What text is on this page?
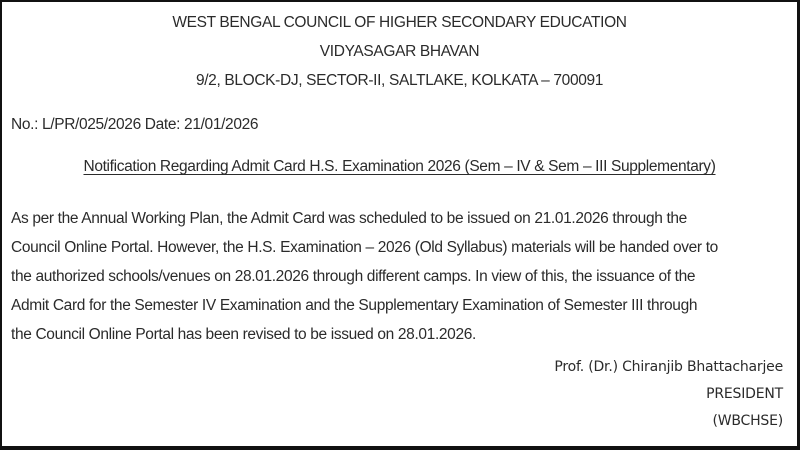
WEST BENGAL COUNCIL OF HIGHER SECONDARY EDUCATION
VIDYASAGAR BHAVAN
9/2, BLOCK-DJ, SECTOR-II, SALTLAKE, KOLKATA – 700091
No.: L/PR/025/2026 Date: 21/01/2026
Notification Regarding Admit Card H.S. Examination 2026 (Sem – IV & Sem – III Supplementary)
As per the Annual Working Plan, the Admit Card was scheduled to be issued on 21.01.2026 through the
Council Online Portal. However, the H.S. Examination – 2026 (Old Syllabus) materials will be handed over to
the authorized schools/venues on 28.01.2026 through different camps. In view of this, the issuance of the
Admit Card for the Semester IV Examination and the Supplementary Examination of Semester III through
the Council Online Portal has been revised to be issued on 28.01.2026.
Prof. (Dr.) Chiranjib Bhattacharjee
PRESIDENT
(WBCHSE)
